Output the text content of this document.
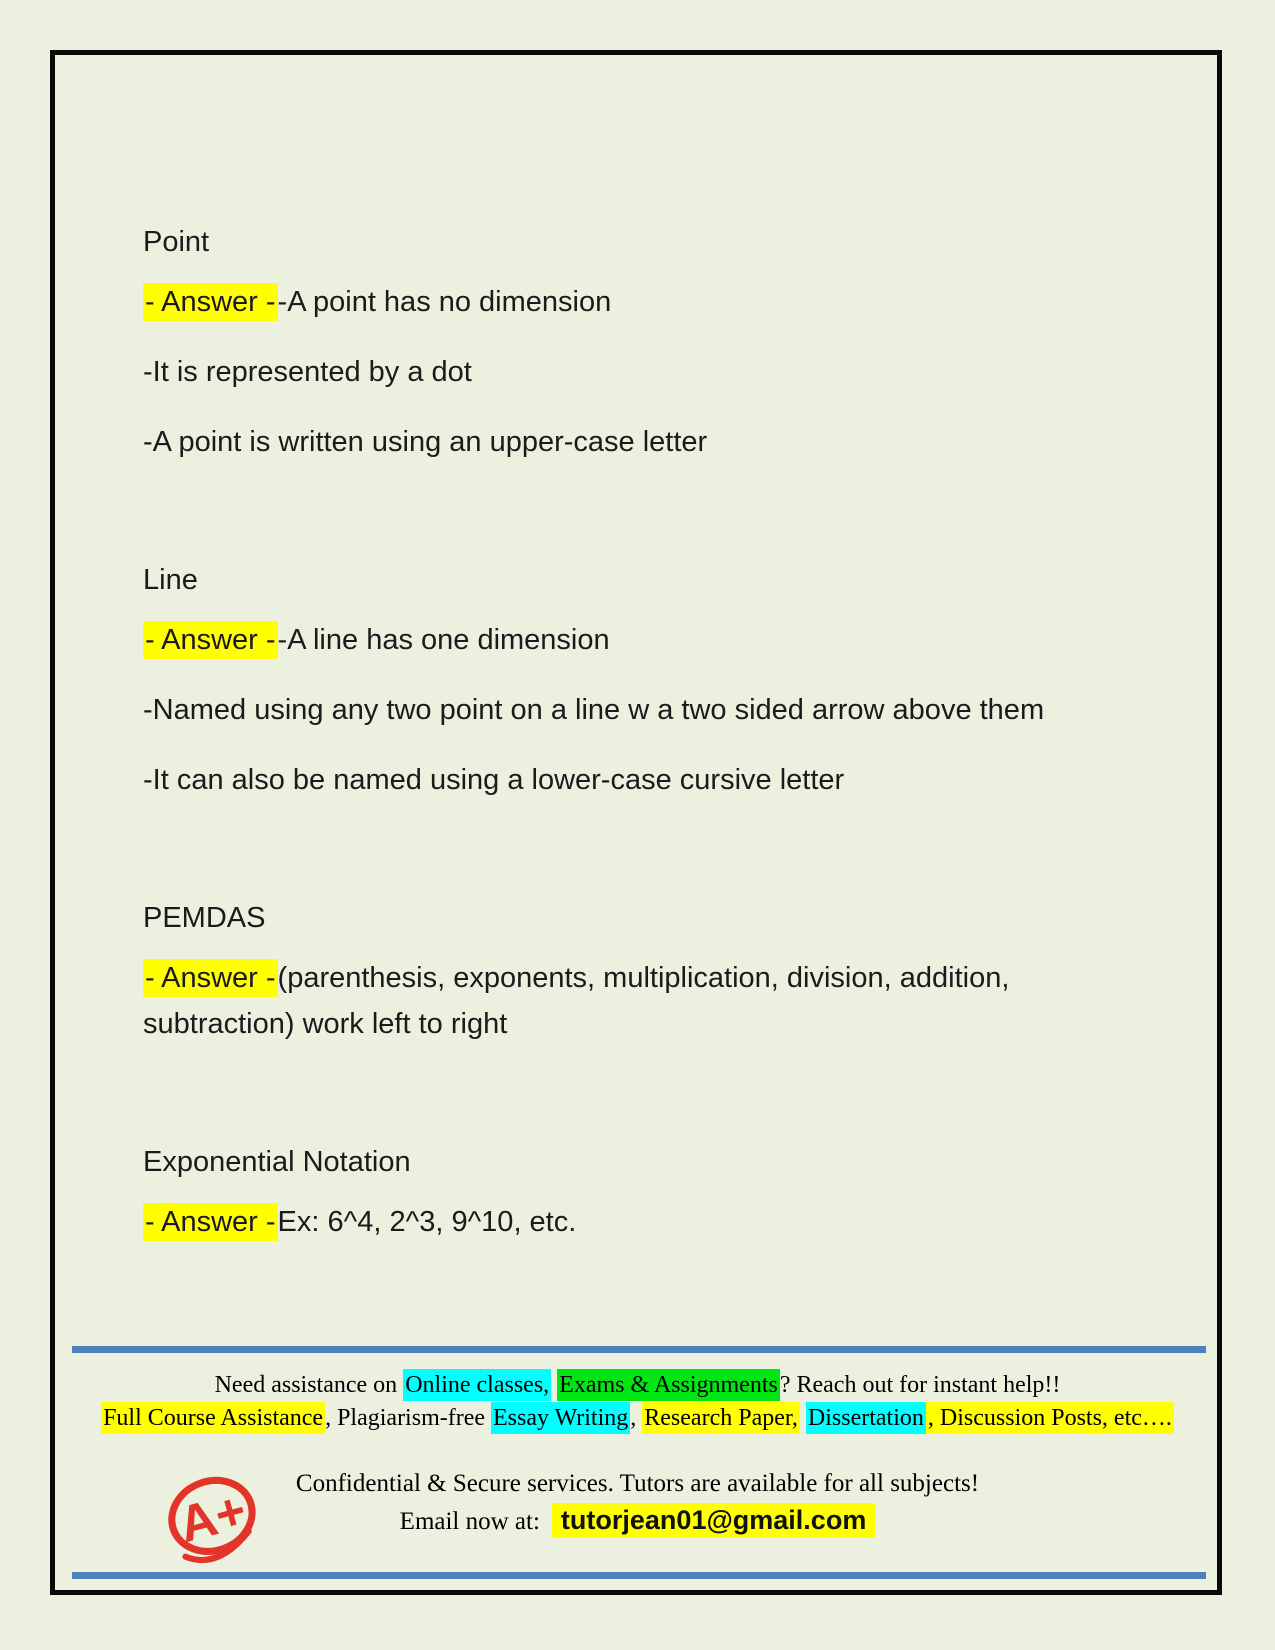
Point

- Answer --A point has no dimension

-It is represented by a dot

-A point is written using an upper-case letter

Line

- Answer --A line has one dimension

-Named using any two point on a line w a two sided arrow above them

-It can also be named using a lower-case cursive letter

PEMDAS

- Answer -(parenthesis, exponents, multiplication, division, addition, subtraction) work left to right

Exponential Notation

- Answer -Ex: 6^4, 2^3, 9^10, etc.

Need assistance on Online classes, Exams & Assignments? Reach out for instant help!!
Full Course Assistance, Plagiarism-free Essay Writing, Research Paper, Dissertation , Discussion Posts, etc….
A+	Confidential & Secure services. Tutors are available for all subjects!
Email now at: tutorjean01@gmail.com
